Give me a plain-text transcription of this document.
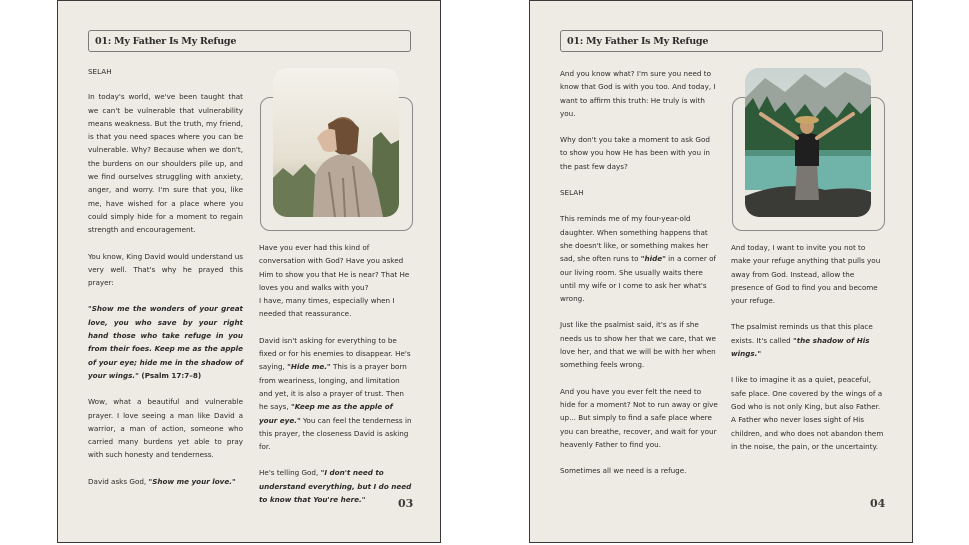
01: My Father Is My Refuge

SELAH

In today's world, we've been taught that we can't be vulnerable that vulnerability means weakness. But the truth, my friend, is that you need spaces where you can be vulnerable. Why? Because when we don't, the burdens on our shoulders pile up, and we find ourselves struggling with anxiety, anger, and worry. I'm sure that you, like me, have wished for a place where you could simply hide for a moment to regain strength and encouragement.

You know, King David would understand us very well. That's why he prayed this prayer:

"Show me the wonders of your great love, you who save by your right hand those who take refuge in you from their foes. Keep me as the apple of your eye; hide me in the shadow of your wings." (Psalm 17:7–8)

Wow, what a beautiful and vulnerable prayer. I love seeing a man like David a warrior, a man of action, someone who carried many burdens yet able to pray with such honesty and tenderness.

David asks God, "Show me your love."

Have you ever had this kind of conversation with God? Have you asked Him to show you that He is near? That He loves you and walks with you?

I have, many times, especially when I needed that reassurance.

David isn't asking for everything to be fixed or for his enemies to disappear. He's saying, "Hide me." This is a prayer born from weariness, longing, and limitation and yet, it is also a prayer of trust. Then he says, "Keep me as the apple of your eye." You can feel the tenderness in this prayer, the closeness David is asking for.

He's telling God, "I don't need to understand everything, but I do need to know that You're here."	03
01: My Father Is My Refuge

And you know what? I'm sure you need to know that God is with you too. And today, I want to affirm this truth: He truly is with you.

Why don't you take a moment to ask God to show you how He has been with you in the past few days?

SELAH

This reminds me of my four-year-old daughter. When something happens that she doesn't like, or something makes her sad, she often runs to "hide" in a corner of our living room. She usually waits there until my wife or I come to ask her what's wrong.

Just like the psalmist said, it's as if she needs us to show her that we care, that we love her, and that we will be with her when something feels wrong.

And you have you ever felt the need to hide for a moment? Not to run away or give up... But simply to find a safe place where you can breathe, recover, and wait for your heavenly Father to find you.

Sometimes all we need is a refuge.

And today, I want to invite you not to make your refuge anything that pulls you away from God. Instead, allow the presence of God to find you and become your refuge.

The psalmist reminds us that this place exists. It's called "the shadow of His wings."

I like to imagine it as a quiet, peaceful, safe place. One covered by the wings of a God who is not only King, but also Father. A Father who never loses sight of His children, and who does not abandon them in the noise, the pain, or the uncertainty.

04
